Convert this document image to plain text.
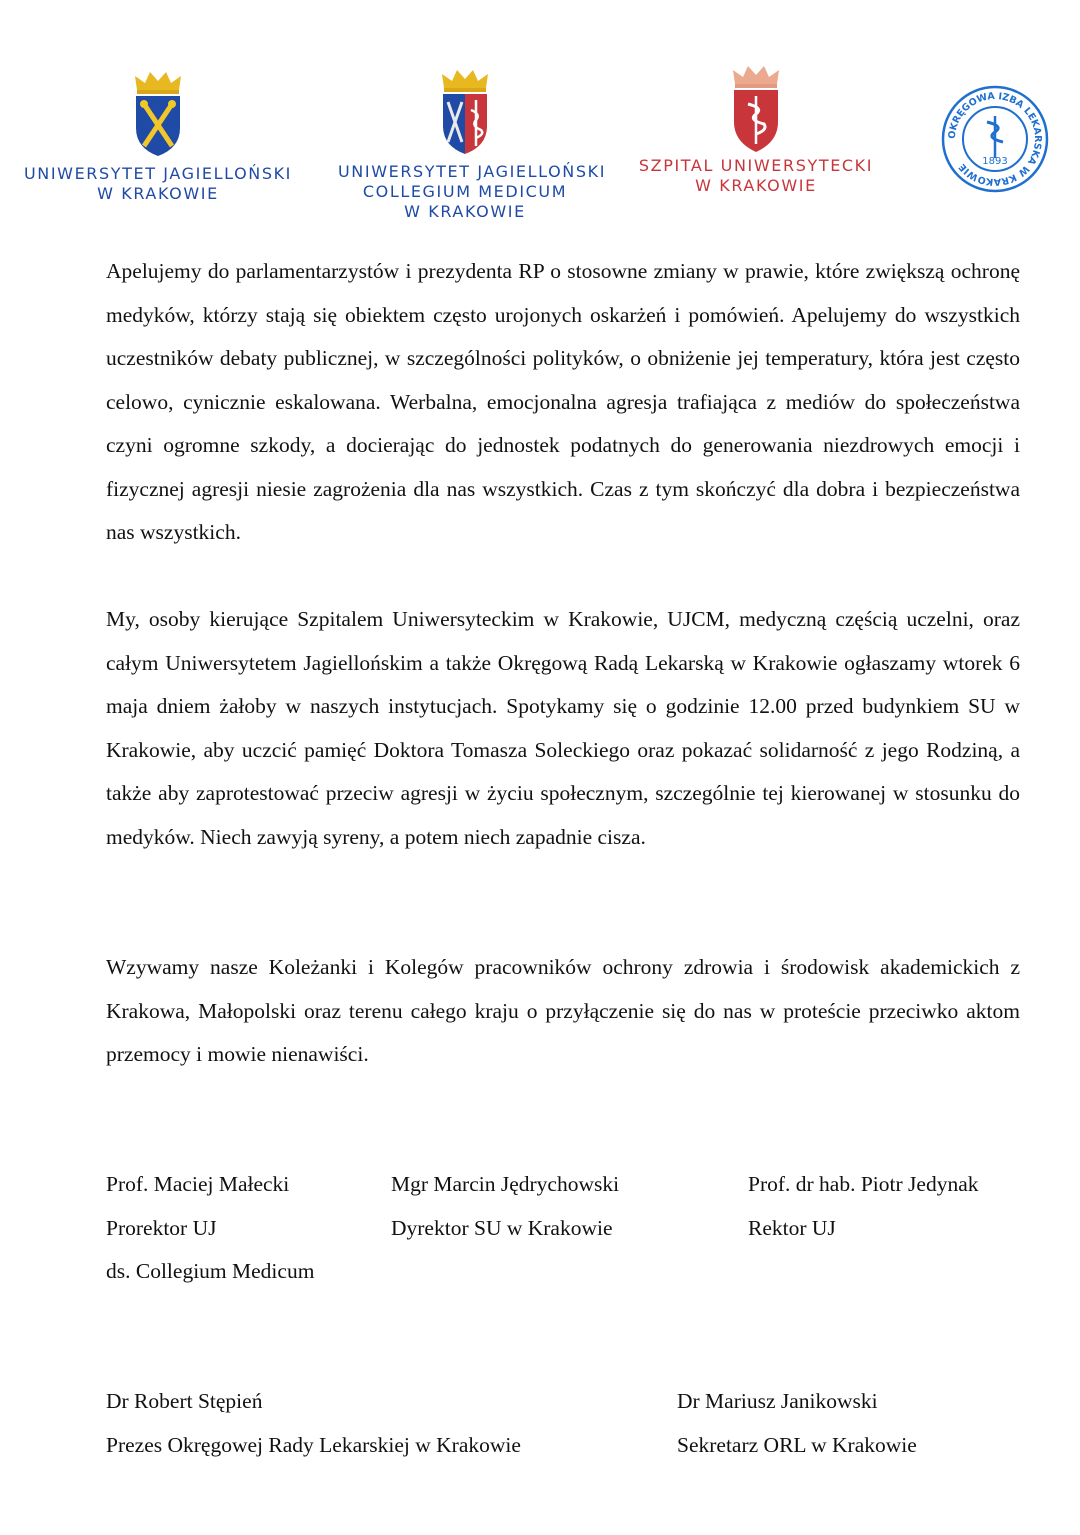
UNIWERSYTET JAGIELLOŃSKI
W KRAKOWIE
UNIWERSYTET JAGIELLOŃSKI
COLLEGIUM MEDICUM
W KRAKOWIE
SZPITAL UNIWERSYTECKI
W KRAKOWIE
OKRĘGOWA IZBA LEKARSKA W KRAKOWIE	1893

Apelujemy do parlamentarzystów i prezydenta RP o stosowne zmiany w prawie, które zwiększą ochronę medyków, którzy stają się obiektem często urojonych oskarżeń i pomówień. Apelujemy do wszystkich uczestników debaty publicznej, w szczególności polityków, o obniżenie jej temperatury, która jest często celowo, cynicznie eskalowana. Werbalna, emocjonalna agresja trafiająca z mediów do społeczeństwa czyni ogromne szkody, a docierając do jednostek podatnych do generowania niezdrowych emocji i fizycznej agresji niesie zagrożenia dla nas wszystkich. Czas z tym skończyć dla dobra i bezpieczeństwa nas wszystkich.

My, osoby kierujące Szpitalem Uniwersyteckim w Krakowie, UJCM, medyczną częścią uczelni, oraz całym Uniwersytetem Jagiellońskim a także Okręgową Radą Lekarską w Krakowie ogłaszamy wtorek 6 maja dniem żałoby w naszych instytucjach. Spotykamy się o godzinie 12.00 przed budynkiem SU w Krakowie, aby uczcić pamięć Doktora Tomasza Soleckiego oraz pokazać solidarność z jego Rodziną, a także aby zaprotestować przeciw agresji w życiu społecznym, szczególnie tej kierowanej w stosunku do medyków. Niech zawyją syreny, a potem niech zapadnie cisza.

Wzywamy nasze Koleżanki i Kolegów pracowników ochrony zdrowia i środowisk akademickich z Krakowa, Małopolski oraz terenu całego kraju o przyłączenie się do nas w proteście przeciwko aktom przemocy i mowie nienawiści.

Prof. Maciej Małecki
Prorektor UJ
ds. Collegium Medicum
Mgr Marcin Jędrychowski
Dyrektor SU w Krakowie
Prof. dr hab. Piotr Jedynak
Rektor UJ
Dr Robert Stępień
Prezes Okręgowej Rady Lekarskiej w Krakowie
Dr Mariusz Janikowski
Sekretarz ORL w Krakowie
